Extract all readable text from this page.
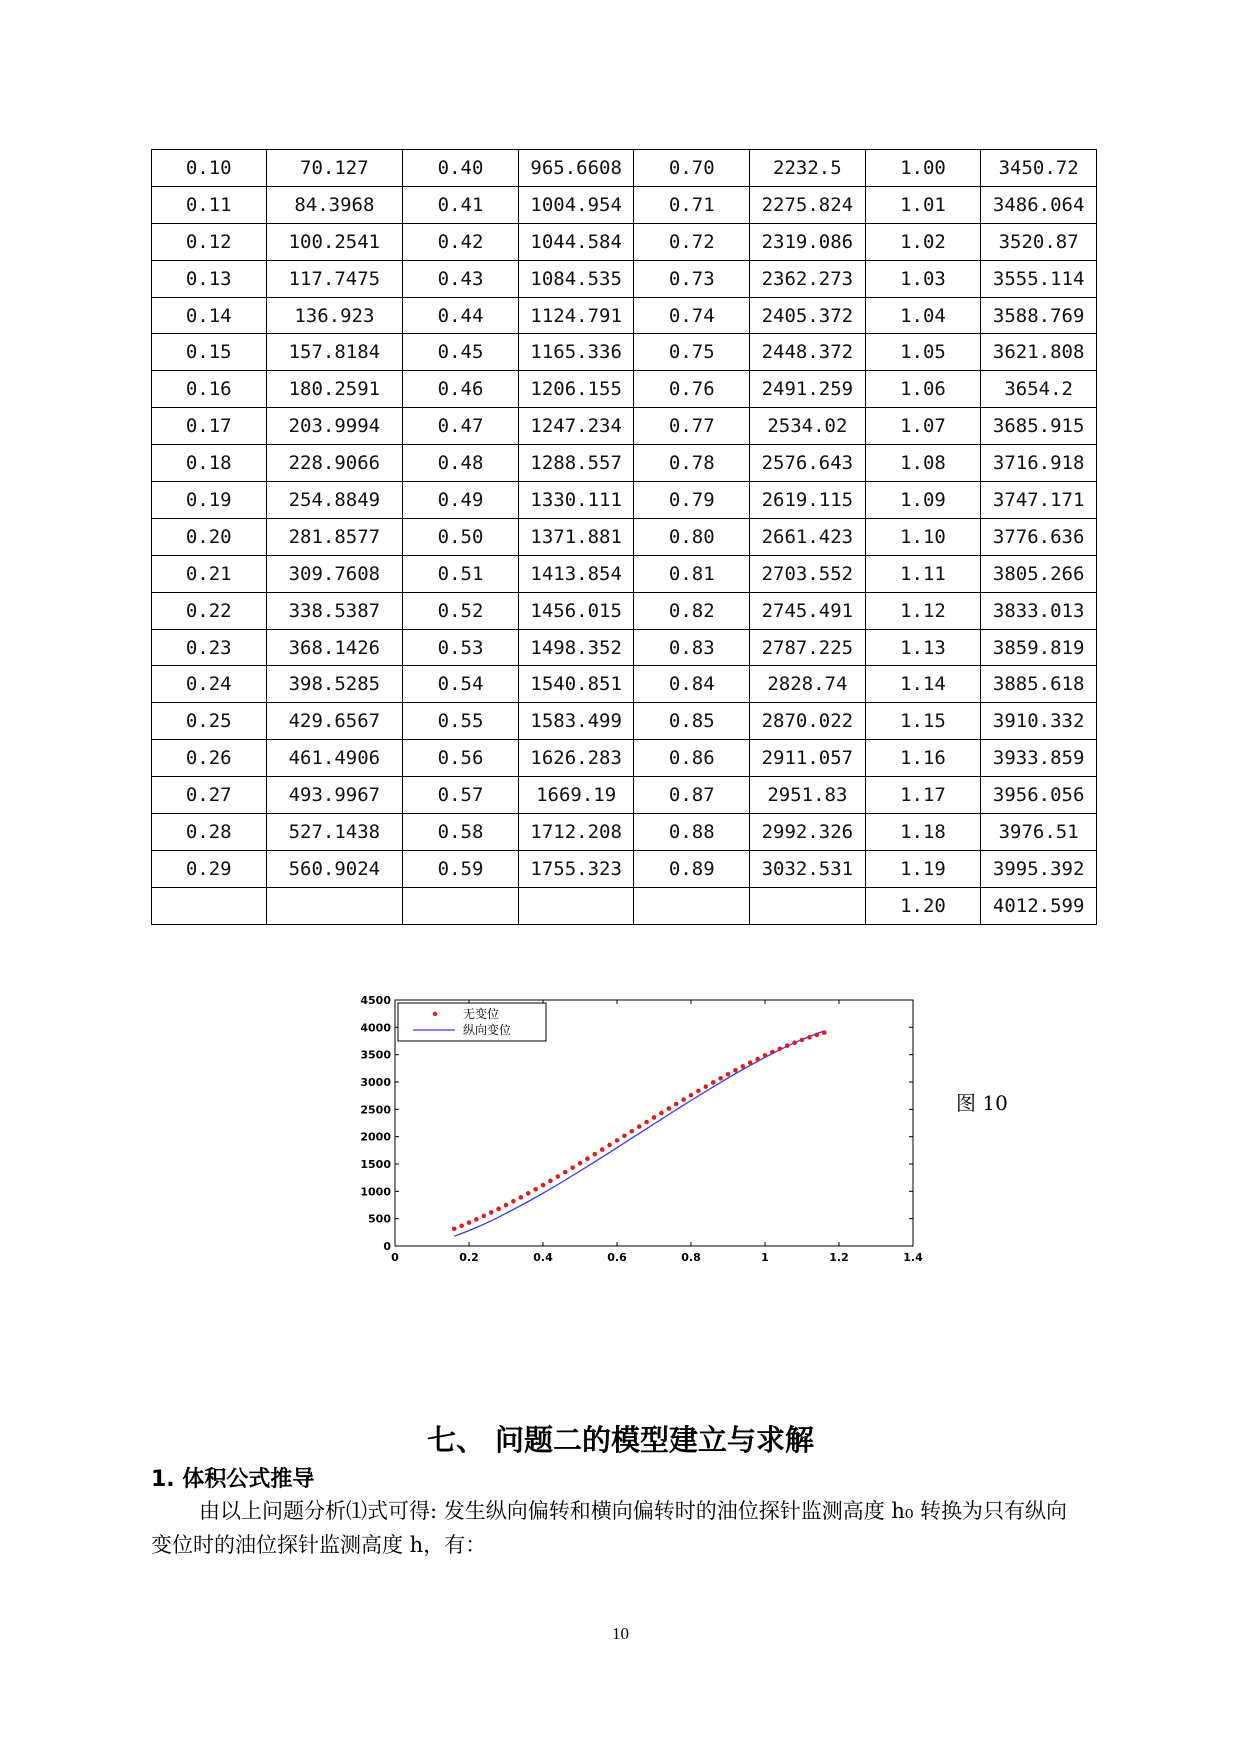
0.10	70.127	0.40	965.6608	0.70	2232.5	1.00	3450.72
0.11	84.3968	0.41	1004.954	0.71	2275.824	1.01	3486.064
0.12	100.2541	0.42	1044.584	0.72	2319.086	1.02	3520.87
0.13	117.7475	0.43	1084.535	0.73	2362.273	1.03	3555.114
0.14	136.923	0.44	1124.791	0.74	2405.372	1.04	3588.769
0.15	157.8184	0.45	1165.336	0.75	2448.372	1.05	3621.808
0.16	180.2591	0.46	1206.155	0.76	2491.259	1.06	3654.2
0.17	203.9994	0.47	1247.234	0.77	2534.02	1.07	3685.915
0.18	228.9066	0.48	1288.557	0.78	2576.643	1.08	3716.918
0.19	254.8849	0.49	1330.111	0.79	2619.115	1.09	3747.171
0.20	281.8577	0.50	1371.881	0.80	2661.423	1.10	3776.636
0.21	309.7608	0.51	1413.854	0.81	2703.552	1.11	3805.266
0.22	338.5387	0.52	1456.015	0.82	2745.491	1.12	3833.013
0.23	368.1426	0.53	1498.352	0.83	2787.225	1.13	3859.819
0.24	398.5285	0.54	1540.851	0.84	2828.74	1.14	3885.618
0.25	429.6567	0.55	1583.499	0.85	2870.022	1.15	3910.332
0.26	461.4906	0.56	1626.283	0.86	2911.057	1.16	3933.859
0.27	493.9967	0.57	1669.19	0.87	2951.83	1.17	3956.056
0.28	527.1438	0.58	1712.208	0.88	2992.326	1.18	3976.51
0.29	560.9024	0.59	1755.323	0.89	3032.531	1.19	3995.392
						1.20	4012.599
0	0.2	0.4	0.6	0.8	1	1.2	1.4
0
500
1000
1500
2000
2500
3000
3500
4000
4500
无变位
纵向变位
图 10
七、 问题二的模型建立与求解
1. 体积公式推导
由以上问题分析⑴式可得: 发生纵向偏转和横向偏转时的油位探针监测高度 h₀ 转换为只有纵向变位时的油位探针监测高度 h，有：
10
